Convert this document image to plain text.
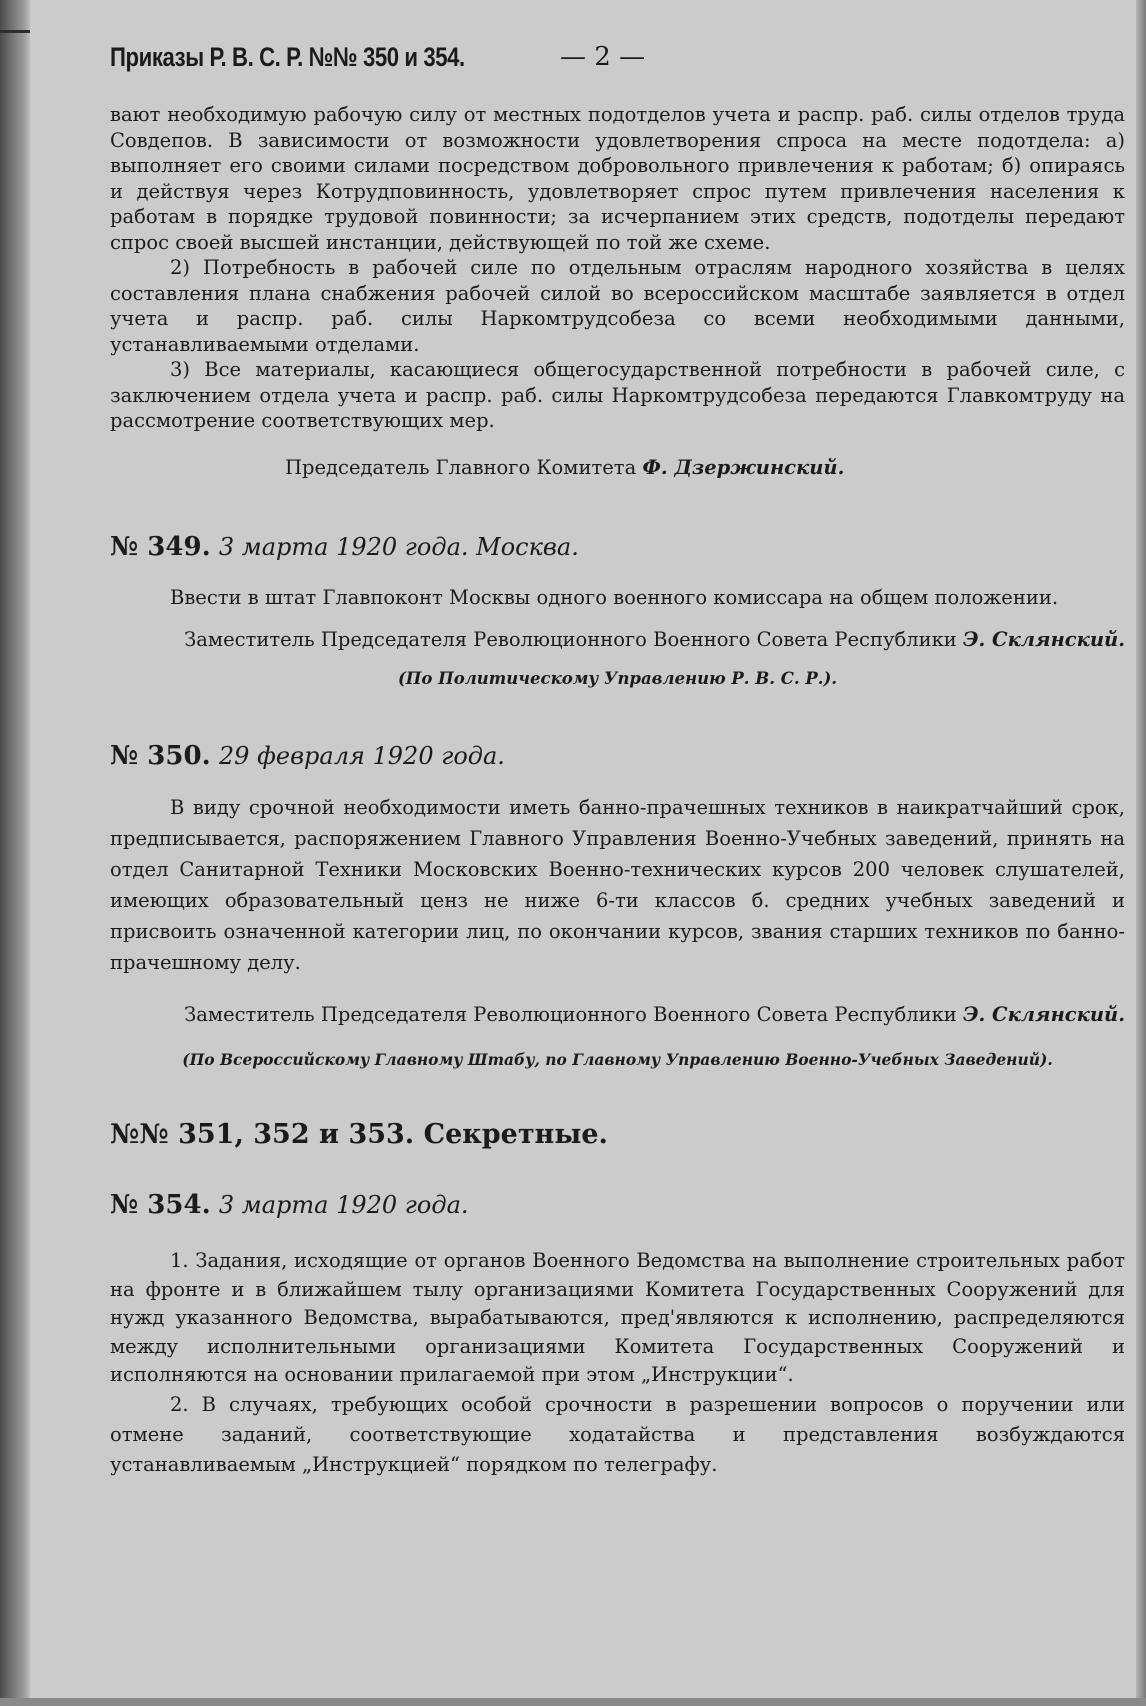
Приказы Р. В. С. Р. №№ 350 и 354.	— 2 —

вают необходимую рабочую силу от местных подотделов учета и распр. раб. силы отделов труда Совдепов. В зависимости от возможности удовлетворения спроса на месте подотдела: а) выполняет его своими силами посредством добровольного привлечения к работам; б) опираясь и действуя через Котрудповинность, удовлетворяет спрос путем привлечения населения к работам в порядке трудовой повинности; за исчерпанием этих средств, подотделы передают спрос своей высшей инстанции, действующей по той же схеме.

2) Потребность в рабочей силе по отдельным отраслям народного хозяйства в целях составления плана снабжения рабочей силой во всероссийском масштабе заявляется в отдел учета и распр. раб. силы Наркомтрудсобеза со всеми необходимыми данными, устанавливаемыми отделами.

3) Все материалы, касающиеся общегосударственной потребности в рабочей силе, с заключением отдела учета и распр. раб. силы Наркомтрудсобеза передаются Главкомтруду на рассмотрение соответствующих мер.

Председатель Главного Комитета Ф. Дзержинский.
№ 349. 3 марта 1920 года. Москва.

Ввести в штат Главпоконт Москвы одного военного комиссара на общем положении.

Заместитель Председателя Революционного Военного Совета Республики Э. Склянский.
(По Политическому Управлению Р. В. С. Р.).
№ 350. 29 февраля 1920 года.

В виду срочной необходимости иметь банно-прачешных техников в наикратчайший срок, предписывается, распоряжением Главного Управления Военно-Учебных заведений, принять на отдел Санитарной Техники Московских Военно-технических курсов 200 человек слушателей, имеющих образовательный ценз не ниже 6-ти классов б. средних учебных заведений и присвоить означенной категории лиц, по окончании курсов, звания старших техников по банно-прачешному делу.

Заместитель Председателя Революционного Военного Совета Республики Э. Склянский.
(По Всероссийскому Главному Штабу, по Главному Управлению Военно-Учебных Заведений).
№№ 351, 352 и 353. Секретные.
№ 354. 3 марта 1920 года.

1. Задания, исходящие от органов Военного Ведомства на выполнение строительных работ на фронте и в ближайшем тылу организациями Комитета Государственных Сооружений для нужд указанного Ведомства, вырабатываются, пред'являются к исполнению, распределяются между исполнительными организациями Комитета Государственных Сооружений и исполняются на основании прилагаемой при этом „Инструкции“.

2. В случаях, требующих особой срочности в разрешении вопросов о поручении или отмене заданий, соответствующие ходатайства и представления возбуждаются устанавливаемым „Инструкцией“ порядком по телеграфу.
